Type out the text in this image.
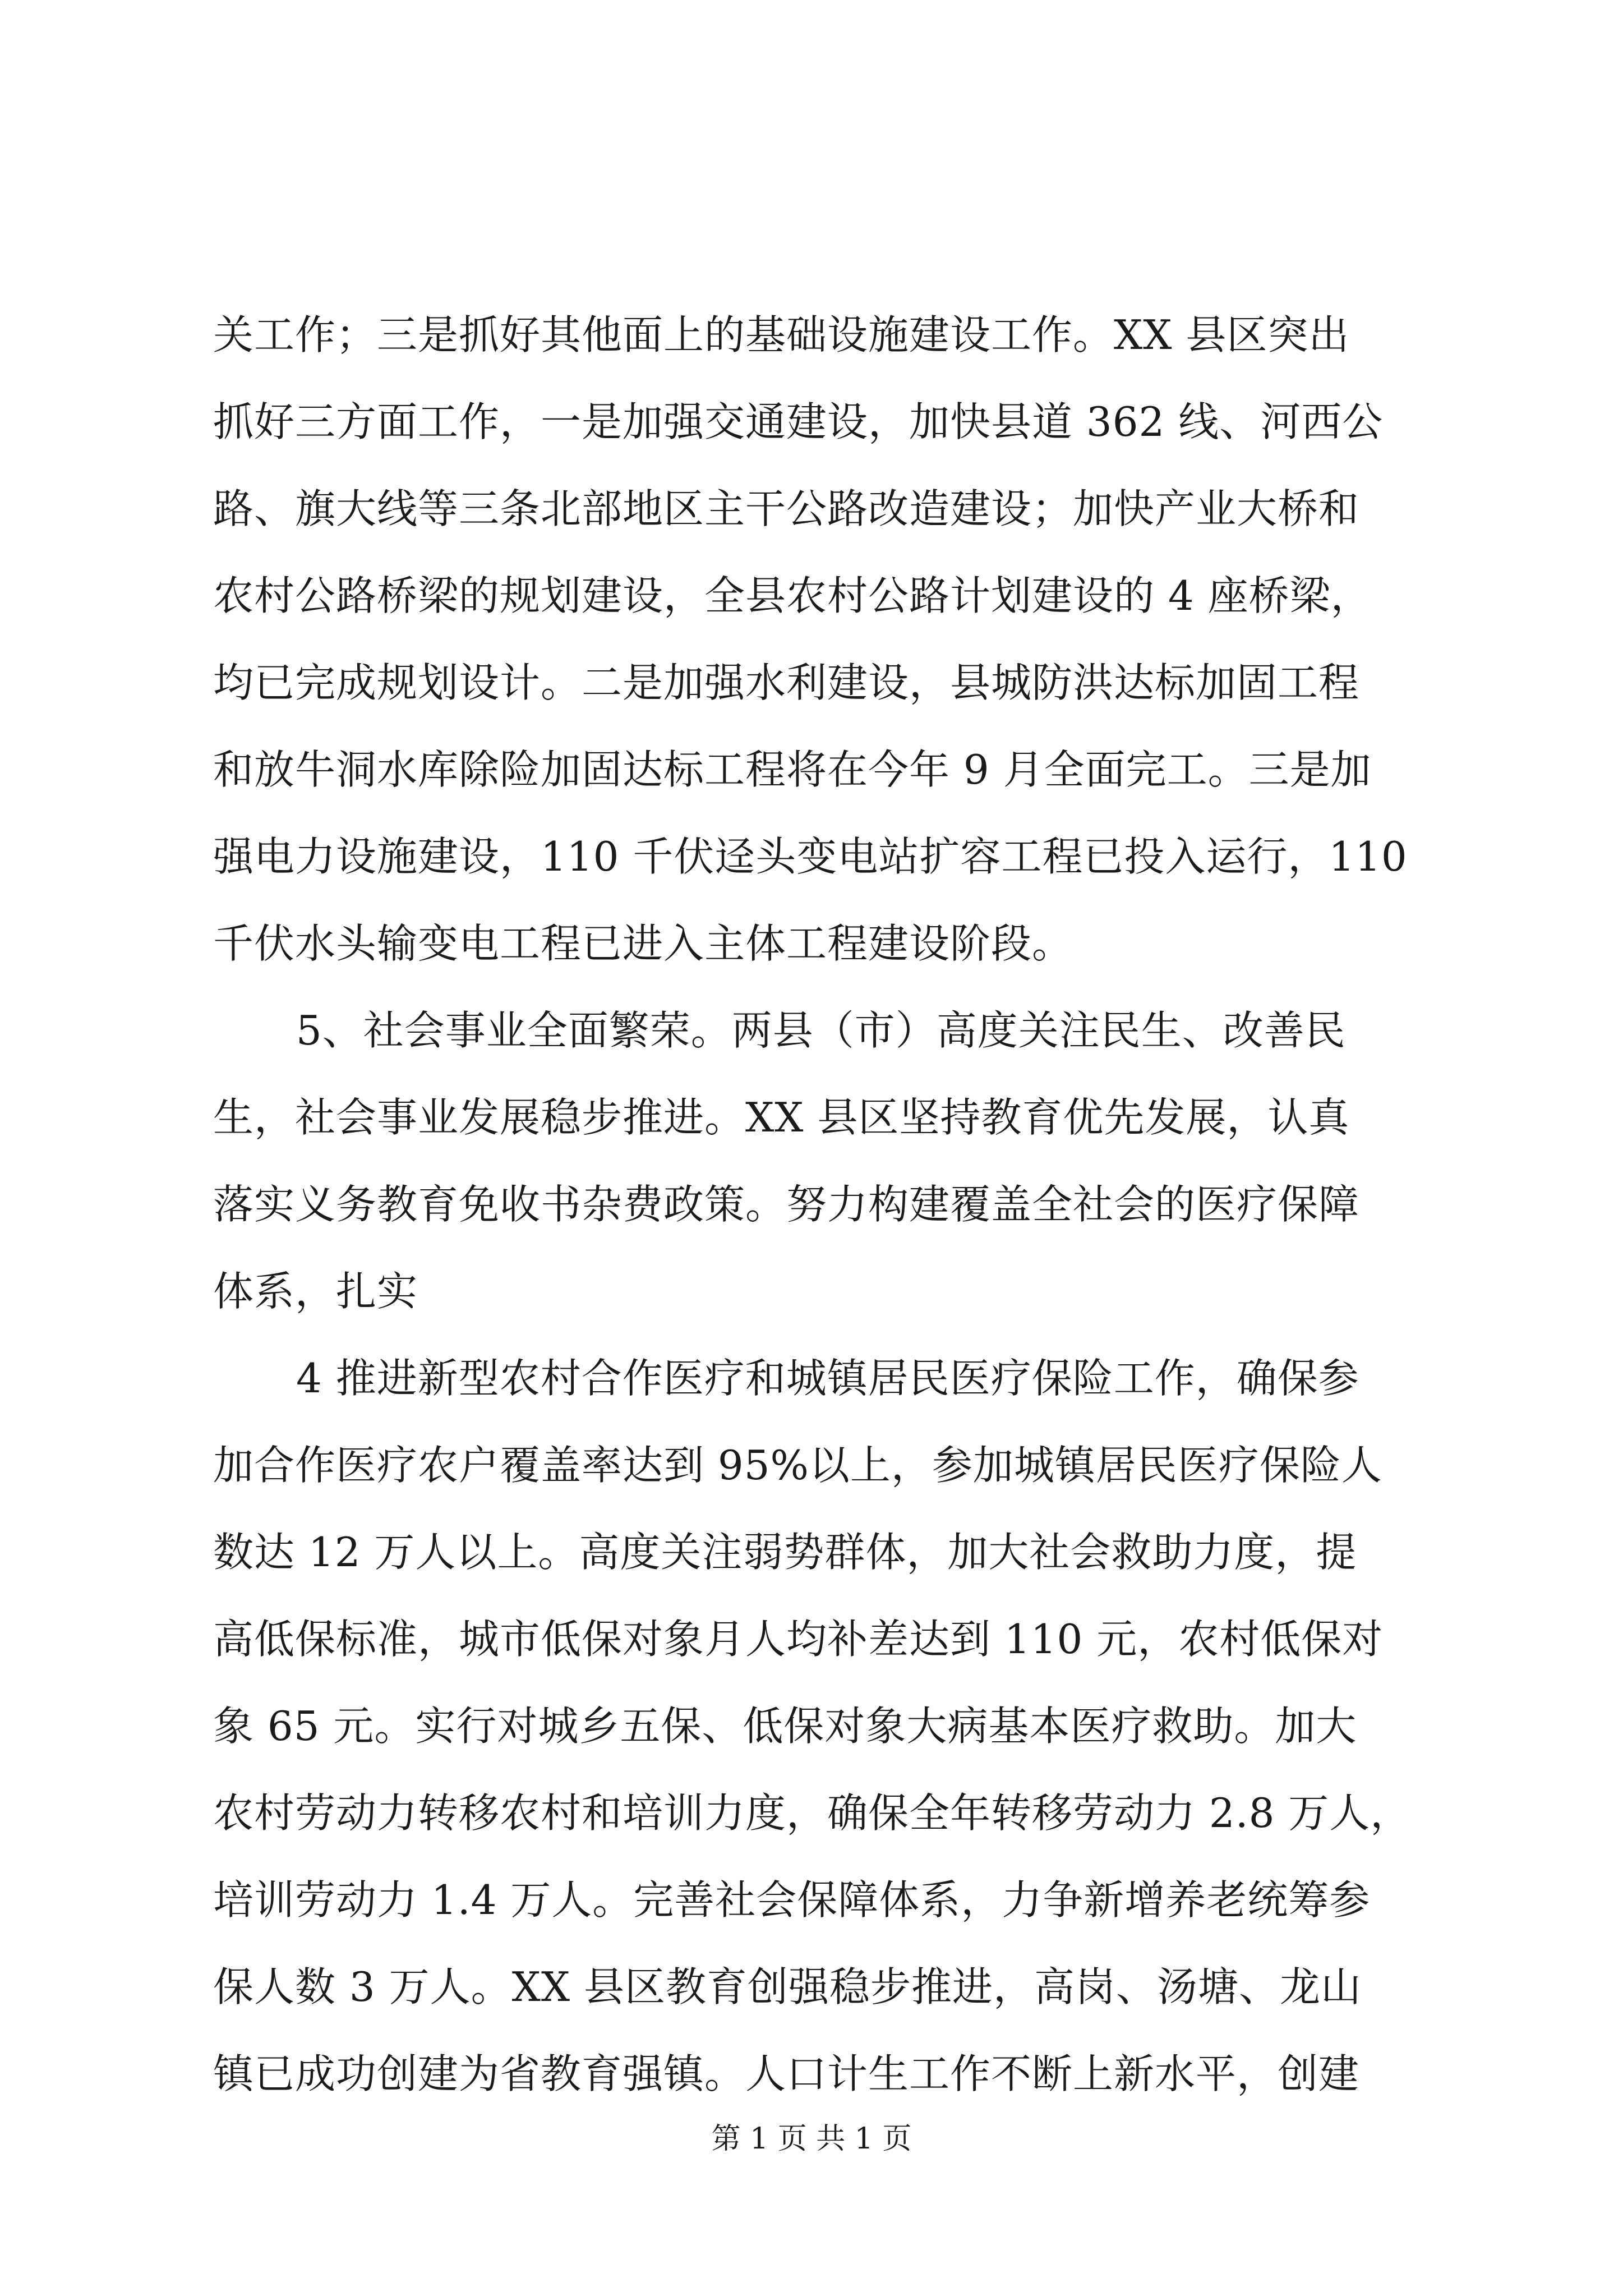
关工作；三是抓好其他面上的基础设施建设工作。XX 县区突出
抓好三方面工作，一是加强交通建设，加快县道 362 线、河西公
路、旗大线等三条北部地区主干公路改造建设；加快产业大桥和
农村公路桥梁的规划建设，全县农村公路计划建设的 4 座桥梁，
均已完成规划设计。二是加强水利建设，县城防洪达标加固工程
和放牛洞水库除险加固达标工程将在今年 9 月全面完工。三是加
强电力设施建设，110 千伏迳头变电站扩容工程已投入运行，110
千伏水头输变电工程已进入主体工程建设阶段。
5、社会事业全面繁荣。两县（市）高度关注民生、改善民
生，社会事业发展稳步推进。XX 县区坚持教育优先发展，认真
落实义务教育免收书杂费政策。努力构建覆盖全社会的医疗保障
体系，扎实
4 推进新型农村合作医疗和城镇居民医疗保险工作，确保参
加合作医疗农户覆盖率达到 95%以上，参加城镇居民医疗保险人
数达 12 万人以上。高度关注弱势群体，加大社会救助力度，提
高低保标准，城市低保对象月人均补差达到 110 元，农村低保对
象 65 元。实行对城乡五保、低保对象大病基本医疗救助。加大
农村劳动力转移农村和培训力度，确保全年转移劳动力 2.8 万人，
培训劳动力 1.4 万人。完善社会保障体系，力争新增养老统筹参
保人数 3 万人。XX 县区教育创强稳步推进，高岗、汤塘、龙山
镇已成功创建为省教育强镇。人口计生工作不断上新水平，创建
第 1 页 共 1 页
